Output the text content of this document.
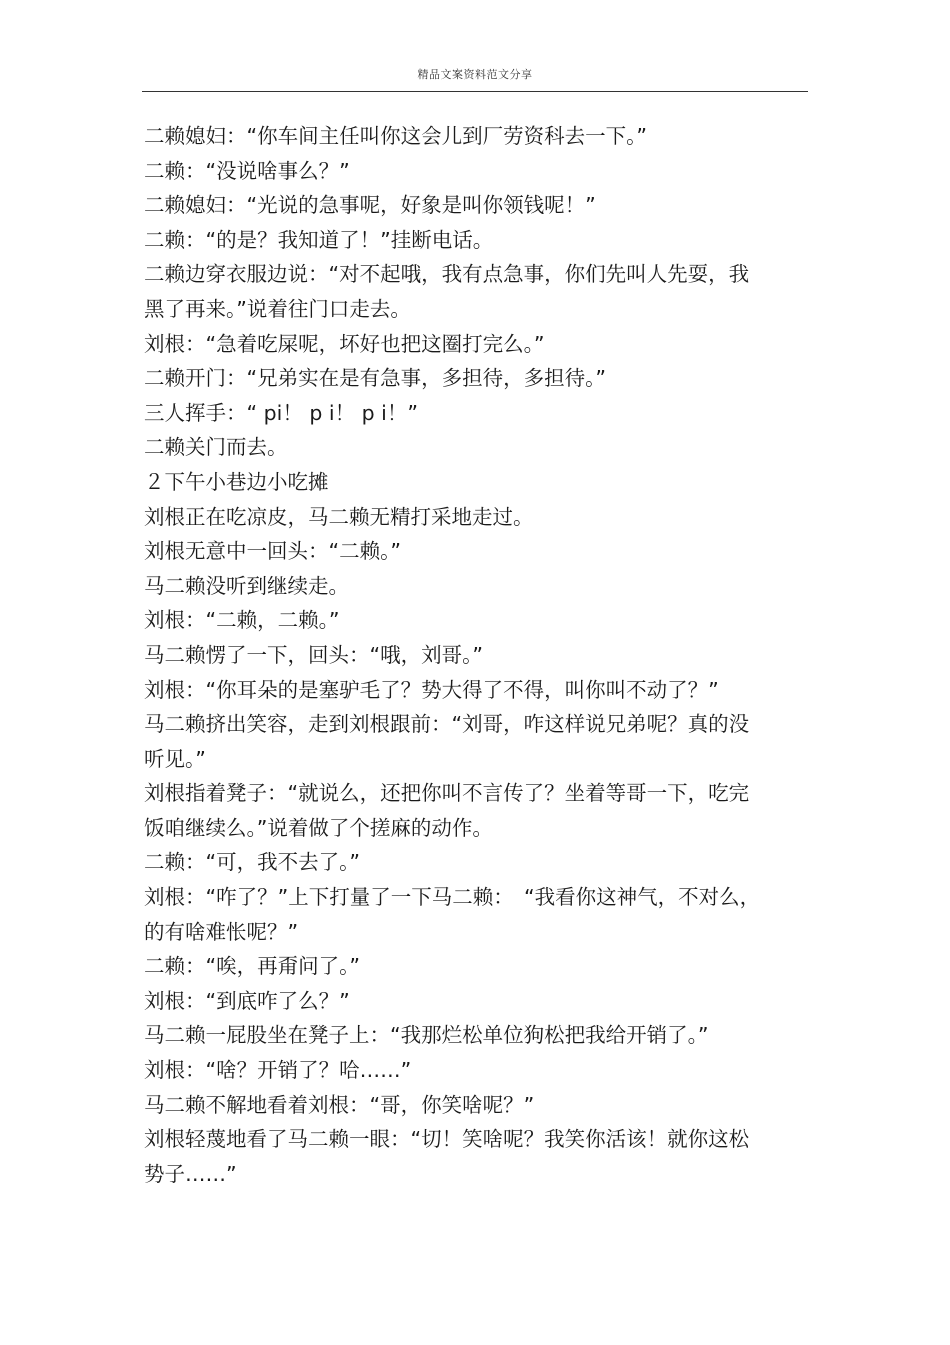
精品文案资料范文分享
二赖媳妇：“你车间主任叫你这会儿到厂劳资科去一下。”
二赖：“没说啥事么？”
二赖媳妇：“光说的急事呢，好象是叫你领钱呢！”
二赖：“的是？我知道了！”挂断电话。
二赖边穿衣服边说：“对不起哦，我有点急事，你们先叫人先耍，我
黑了再来。”说着往门口走去。
刘根：“急着吃屎呢，坏好也把这圈打完么。”
二赖开门：“兄弟实在是有急事，多担待，多担待。”
三人挥手：“ pi！ p i！ p i！”
二赖关门而去。
２下午小巷边小吃摊
刘根正在吃凉皮，马二赖无精打采地走过。
刘根无意中一回头：“二赖。”
马二赖没听到继续走。
刘根：“二赖，二赖。”
马二赖愣了一下，回头：“哦，刘哥。”
刘根：“你耳朵的是塞驴毛了？势大得了不得，叫你叫不动了？”
马二赖挤出笑容，走到刘根跟前：“刘哥，咋这样说兄弟呢？真的没
听见。”
刘根指着凳子：“就说么，还把你叫不言传了？坐着等哥一下，吃完
饭咱继续么。”说着做了个搓麻的动作。
二赖：“可，我不去了。”
刘根：“咋了？”上下打量了一下马二赖：　“我看你这神气，不对么，
的有啥难怅呢？”
二赖：“唉，再甭问了。”
刘根：“到底咋了么？”
马二赖一屁股坐在凳子上：“我那烂松单位狗松把我给开销了。”
刘根：“啥？开销了？哈……”
马二赖不解地看着刘根：“哥，你笑啥呢？”
刘根轻蔑地看了马二赖一眼：“切！笑啥呢？我笑你活该！就你这松
势子……”
